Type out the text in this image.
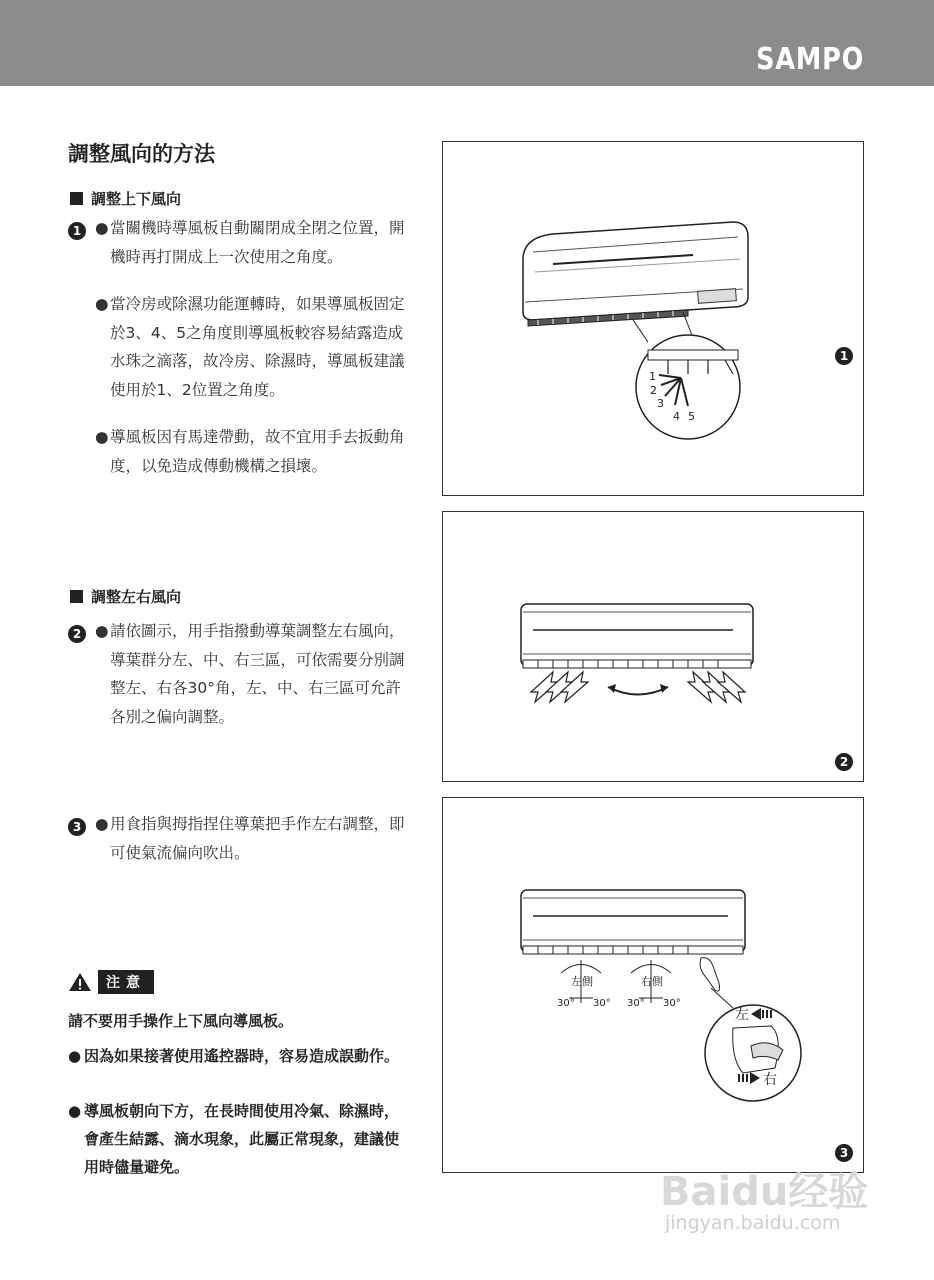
SAMPO
調整風向的方法
調整上下風向
1 ● 當關機時導風板自動關閉成全閉之位置，開機時再打開成上一次使用之角度。
● 當冷房或除濕功能運轉時，如果導風板固定於3、4、5之角度則導風板較容易結露造成水珠之滴落，故冷房、除濕時，導風板建議使用於1、2位置之角度。
● 導風板因有馬達帶動，故不宜用手去扳動角度，以免造成傳動機構之損壞。
調整左右風向
2 ● 請依圖示，用手指撥動導葉調整左右風向，導葉群分左、中、右三區，可依需要分別調整左、右各30°角，左、中、右三區可允許各別之偏向調整。
3 ● 用食指與拇指捏住導葉把手作左右調整，即可使氣流偏向吹出。
注意
請不要用手操作上下風向導風板。
● 因為如果接著使用遙控器時，容易造成誤動作。
● 導風板朝向下方，在長時間使用冷氣、除濕時，會產生結露、滴水現象，此屬正常現象，建議使用時儘量避免。
1
2
3
4 5
1
2
左側	右側
30° 30° 30° 30°
左
右
3
Baidu经验
jingyan.baidu.com
